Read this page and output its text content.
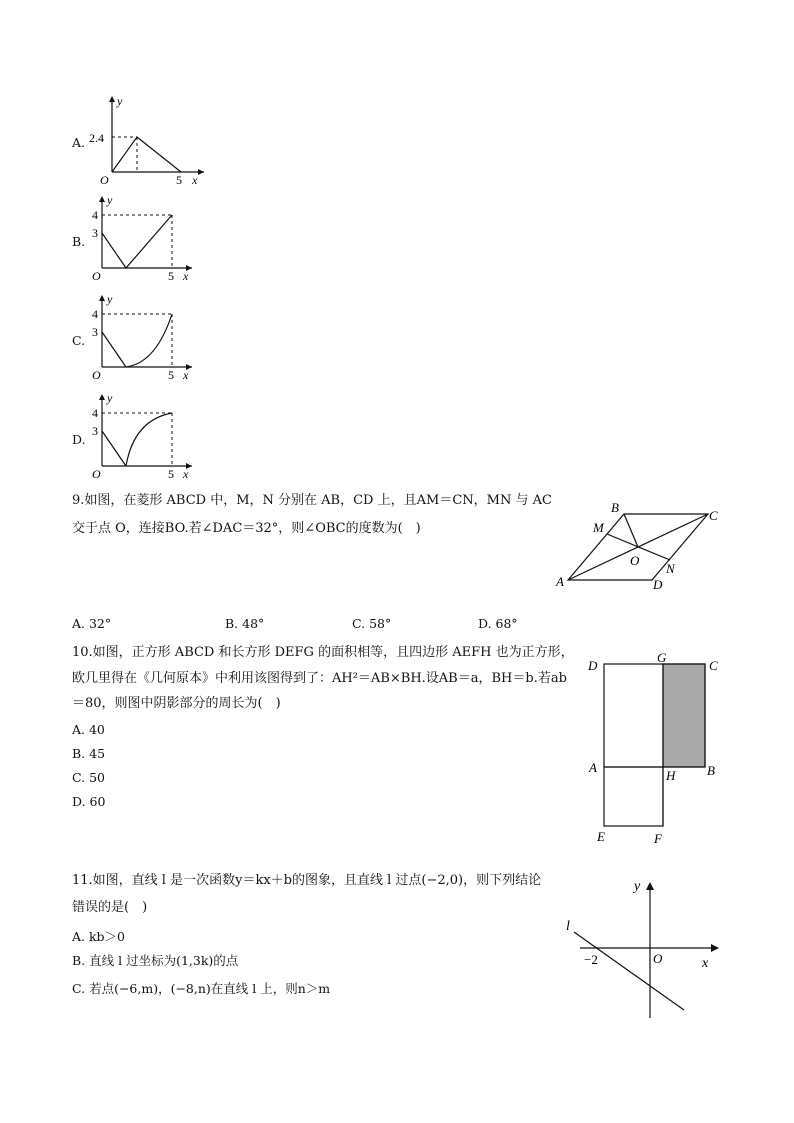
A. 2.4
O	5 x
y
B.
4
3
O	5 x
y
C.
4
3
O	5 x
y
D.
4
3
O	5 x
y
9.如图，在菱形 ABCD 中，M，N 分别在 AB，CD 上，且AM＝CN，MN 与 AC
交于点 O，连接BO.若∠DAC＝32°，则∠OBC的度数为(　)
A
B
C
D
M
N
O
A. 32°	B. 48°	C. 58°	D. 68°
10.如图，正方形 ABCD 和长方形 DEFG 的面积相等，且四边形 AEFH 也为正方形，
欧几里得在《几何原本》中利用该图得到了：AH²＝AB×BH.设AB＝a，BH＝b.若ab
＝80，则图中阴影部分的周长为(　)
A. 40
B. 45
C. 50
D. 60
D
G
C
A
H B
E	F
11.如图，直线 l 是一次函数y＝kx＋b的图象，且直线 l 过点(−2,0)，则下列结论
错误的是(　)
A. kb＞0
B. 直线 l 过坐标为(1,3k)的点
C. 若点(−6,m)，(−8,n)在直线 l 上，则n＞m
l
y
x
O
−2
